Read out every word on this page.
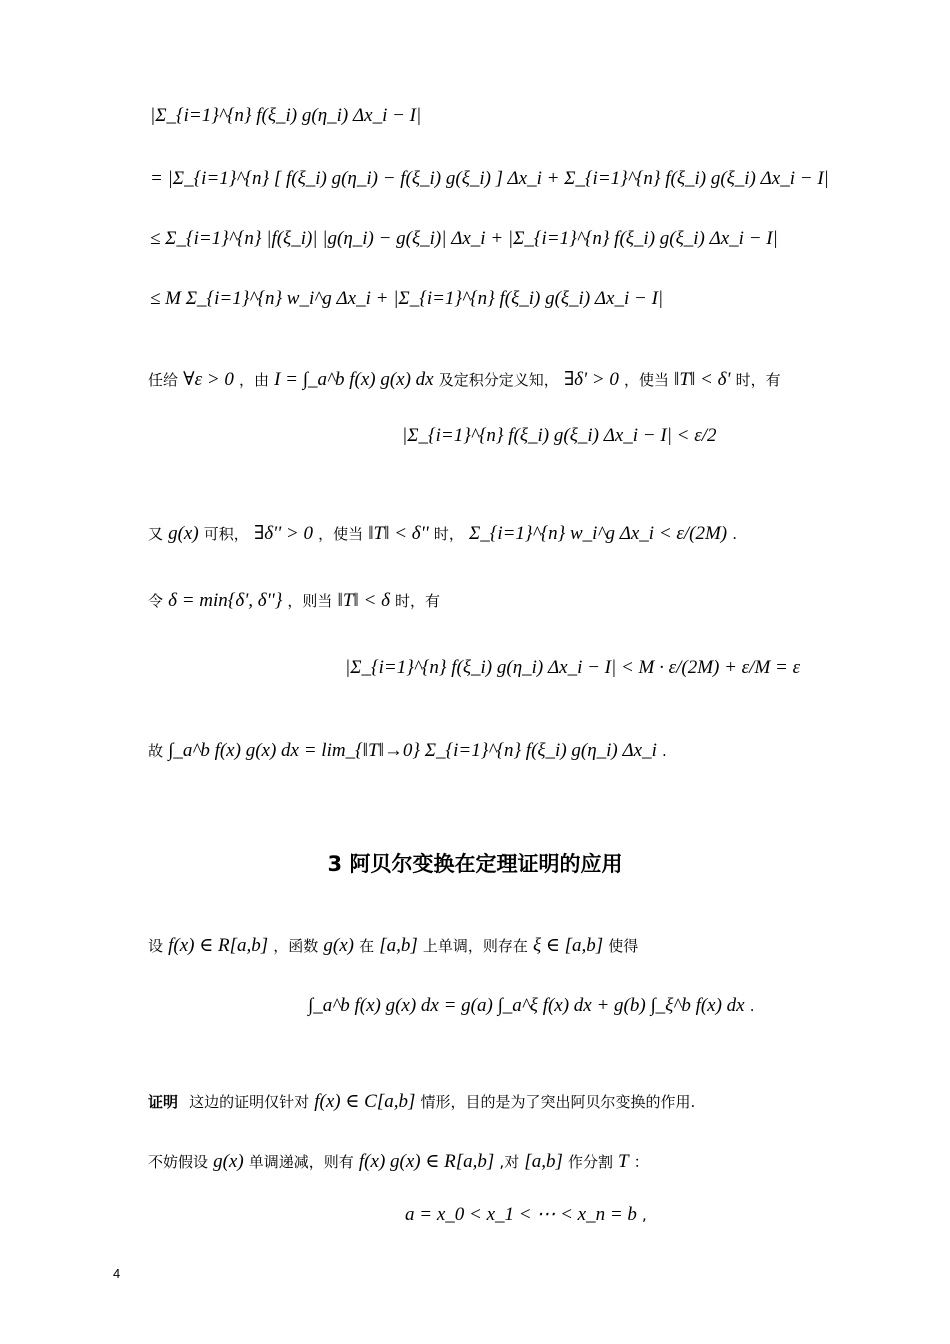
|Σ_{i=1}^{n} f(ξ_i) g(η_i) Δx_i − I|
= |Σ_{i=1}^{n} [ f(ξ_i) g(η_i) − f(ξ_i) g(ξ_i) ] Δx_i + Σ_{i=1}^{n} f(ξ_i) g(ξ_i) Δx_i − I|
≤ Σ_{i=1}^{n} |f(ξ_i)| |g(η_i) − g(ξ_i)| Δx_i + |Σ_{i=1}^{n} f(ξ_i) g(ξ_i) Δx_i − I|
≤ M Σ_{i=1}^{n} w_i^g Δx_i + |Σ_{i=1}^{n} f(ξ_i) g(ξ_i) Δx_i − I|
任给 ∀ε > 0 ，由 I = ∫_a^b f(x) g(x) dx 及定积分定义知， ∃δ' > 0 ，使当 ‖T‖ < δ' 时，有
|Σ_{i=1}^{n} f(ξ_i) g(ξ_i) Δx_i − I| < ε/2
又 g(x) 可积， ∃δ'' > 0 ，使当 ‖T‖ < δ'' 时， Σ_{i=1}^{n} w_i^g Δx_i < ε/(2M) .
令 δ = min{δ', δ''} ，则当 ‖T‖ < δ 时，有
|Σ_{i=1}^{n} f(ξ_i) g(η_i) Δx_i − I| < M · ε/(2M) + ε/M = ε
故 ∫_a^b f(x) g(x) dx = lim_{‖T‖→0} Σ_{i=1}^{n} f(ξ_i) g(η_i) Δx_i .
3 阿贝尔变换在定理证明的应用
设 f(x) ∈ R[a,b] ，函数 g(x) 在 [a,b] 上单调，则存在 ξ ∈ [a,b] 使得
∫_a^b f(x) g(x) dx = g(a) ∫_a^ξ f(x) dx + g(b) ∫_ξ^b f(x) dx .
证明 这边的证明仅针对 f(x) ∈ C[a,b] 情形，目的是为了突出阿贝尔变换的作用.
不妨假设 g(x) 单调递减，则有 f(x) g(x) ∈ R[a,b] ,对 [a,b] 作分割 T ：
a = x_0 < x_1 < ⋯ < x_n = b ,
4
